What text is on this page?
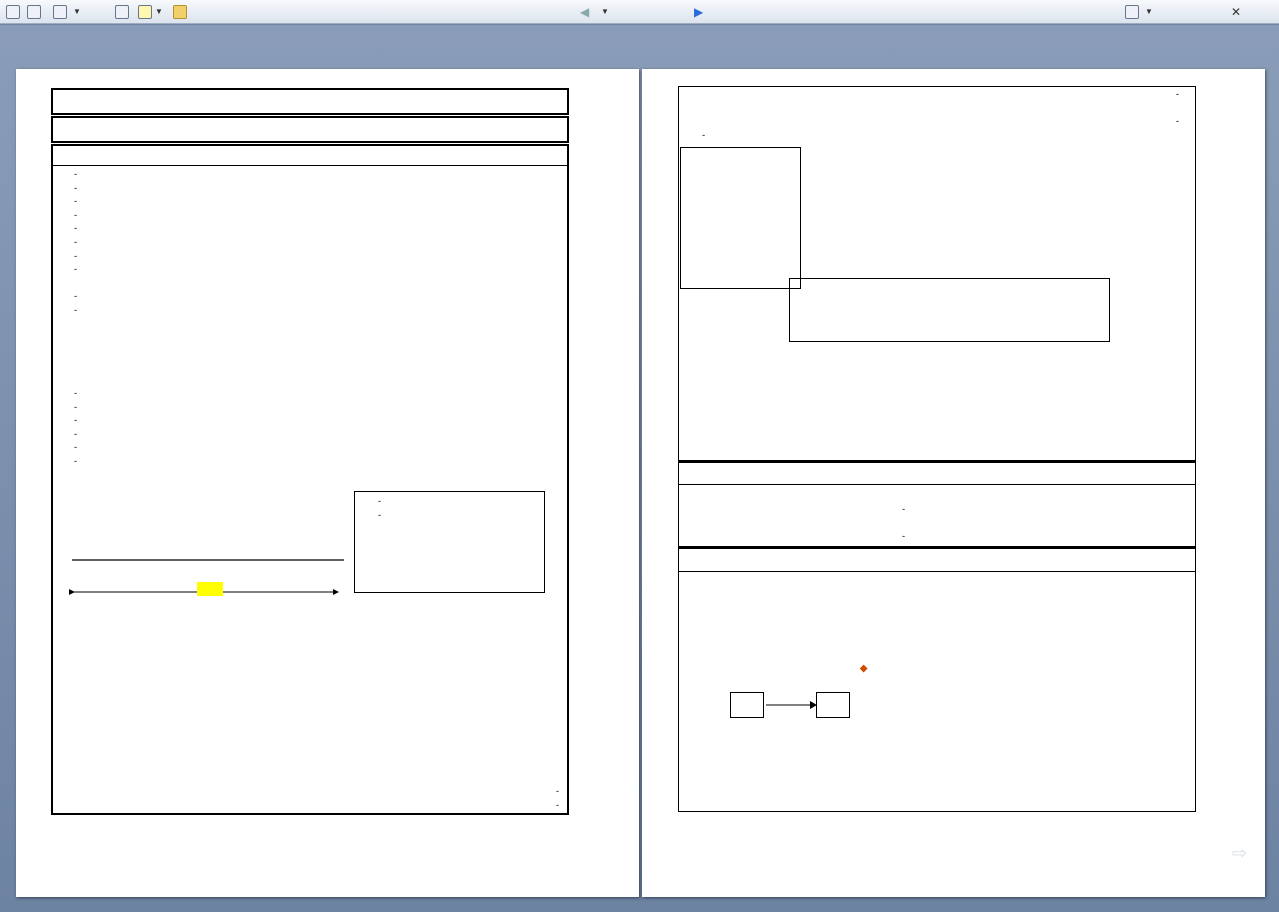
▼	▼	◀ ▼	▶	▼	✕
-
-
-
-
-
-
-
-
-
-
-
-
-
-
-
-
-
-
-
-
-
-
-
-
-
◆
⇨
